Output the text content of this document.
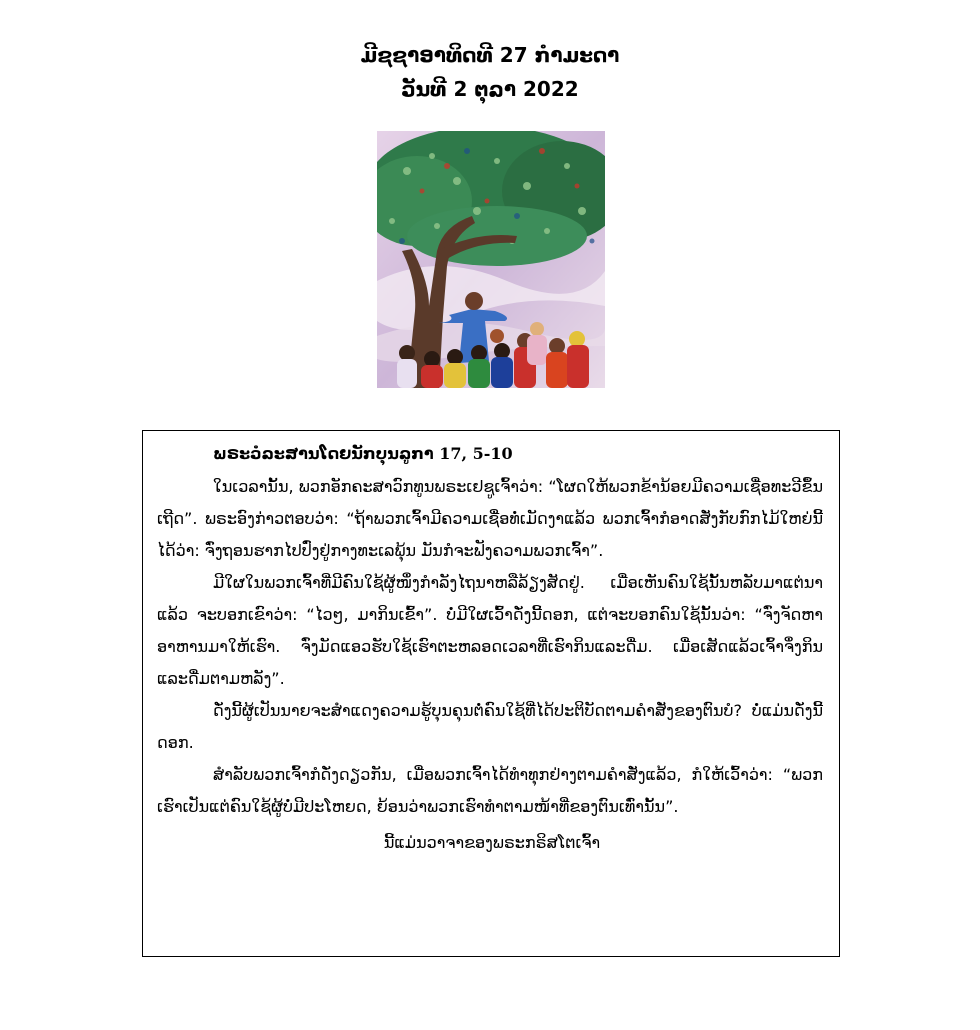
ມີຊຊາອາທິດທີ 27 ກໍາມະດາ
ວັນທີ 2 ຕຸລາ 2022
ພຣະວໍລະສານໂດຍນັກບຸນລູກາ 17, 5-10

ໃນເວລານັ້ນ, ພວກອັກຄະສາວົກທູນພຣະເຢຊູເຈົ້າວ່າ: “ໂຜດໃຫ້ພວກຂ້ານ້ອຍມີຄວາມເຊື່ອທະວີຂຶ້ນເຖີດ”. ພຣະອົງກ່າວຕອບວ່າ: “ຖ້າພວກເຈົ້າມີຄວາມເຊື່ອທໍ່ເມັດງາແລ້ວ ພວກເຈົ້າກໍອາດສັ່ງກັບກົກໄມ້ໃຫຍ່ນີ້ໄດ້ວ່າ: ຈົ່ງຖອນຮາກໄປປົ່ງຢູ່ກາງທະເລພຸ້ນ ມັນກໍຈະຟັງຄວາມພວກເຈົ້າ”.

ມີໃຜໃນພວກເຈົ້າທີ່ມີຄົນໃຊ້ຜູ້ໜຶ່ງກໍາລັງໄຖນາຫລືລ້ຽງສັດຢູ່. ເມື່ອເຫັນຄົນໃຊ້ນັ້ນຫລັບມາແຕ່ນາແລ້ວ ຈະບອກເຂົາວ່າ: “ໄວໆ, ມາກິນເຂົ້າ”. ບໍ່ມີໃຜເວົ້າດັ່ງນີ້ດອກ, ແຕ່ຈະບອກຄົນໃຊ້ນັ້ນວ່າ: “ຈົ່ງຈັດຫາອາຫານມາໃຫ້ເຮົາ. ຈົ່ງມັດແອວຮັບໃຊ້ເຮົາຕະຫລອດເວລາທີ່ເຮົາກິນແລະດື່ມ. ເມື່ອເສັດແລ້ວເຈົ້າຈຶ່ງກິນແລະດື່ມຕາມຫລັງ”.

ດັ່ງນີ້ຜູ້ເປັນນາຍຈະສໍາແດງຄວາມຮູ້ບຸນຄຸນຕໍ່ຄົນໃຊ້ທີ່ໄດ້ປະຕິບັດຕາມຄໍາສັ່ງຂອງຕົນບໍ? ບໍ່ແມ່ນດັ່ງນີ້ດອກ.

ສໍາລັບພວກເຈົ້າກໍດັ່ງດຽວກັນ, ເມື່ອພວກເຈົ້າໄດ້ທໍາທຸກຢ່າງຕາມຄໍາສັ່ງແລ້ວ, ກໍໃຫ້ເວົ້າວ່າ: “ພວກເຮົາເປັນແຕ່ຄົນໃຊ້ຜູ້ບໍ່ມີປະໂຫຍດ, ຍ້ອນວ່າພວກເຮົາທໍາຕາມໜ້າທີ່ຂອງຕົນເທົ່ານັ້ນ”.

ນີ້ແມ່ນວາຈາຂອງພຣະກຣິສໂຕເຈົ້າ
